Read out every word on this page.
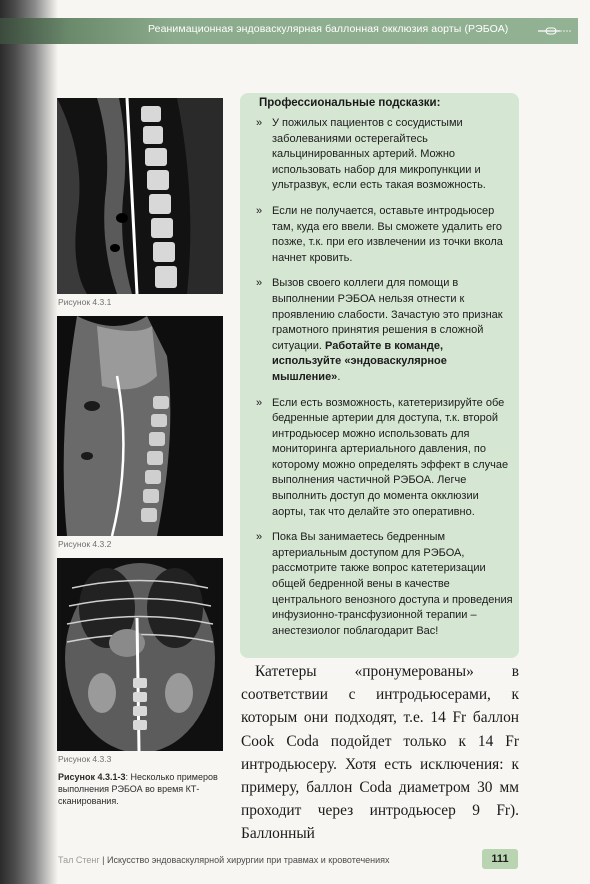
Реанимационная эндоваскулярная баллонная окклюзия аорты (РЭБОА)
Рисунок 4.3.1
Рисунок 4.3.2
Рисунок 4.3.3
Рисунок 4.3.1-3: Несколько примеров выполнения РЭБОА во время КТ-сканирования.
Профессиональные подсказки:
» У пожилых пациентов с сосудистыми заболеваниями остерегайтесь кальцинированных артерий. Можно использовать набор для микропункции и ультразвук, если есть такая возможность.
» Если не получается, оставьте интродьюсер там, куда его ввели. Вы сможете удалить его позже, т.к. при его извлечении из точки вкола начнет кровить.
» Вызов своего коллеги для помощи в выполнении РЭБОА нельзя отнести к проявлению слабости. Зачастую это признак грамотного принятия решения в сложной ситуации. Работайте в команде, используйте «эндоваскулярное мышление».
» Если есть возможность, катетеризируйте обе бедренные артерии для доступа, т.к. второй интродьюсер можно использовать для мониторинга артериального давления, по которому можно определять эффект в случае выполнения частичной РЭБОА. Легче выполнить доступ до момента окклюзии аорты, так что делайте это оперативно.
» Пока Вы занимаетесь бедренным артериальным доступом для РЭБОА, рассмотрите также вопрос катетеризации общей бедренной вены в качестве центрального венозного доступа и проведения инфузионно-трансфузионной терапии – анестезиолог поблагодарит Вас!

Катетеры «пронумерованы» в соответствии с интродьюсерами, к которым они подходят, т.е. 14 Fr баллон Cook Coda подойдет только к 14 Fr интродьюсеру. Хотя есть исключения: к примеру, баллон Coda диаметром 30 мм проходит через интродьюсер 9 Fr). Баллонный

Тал Стенг | Искусство эндоваскулярной хирургии при травмах и кровотечениях	111
